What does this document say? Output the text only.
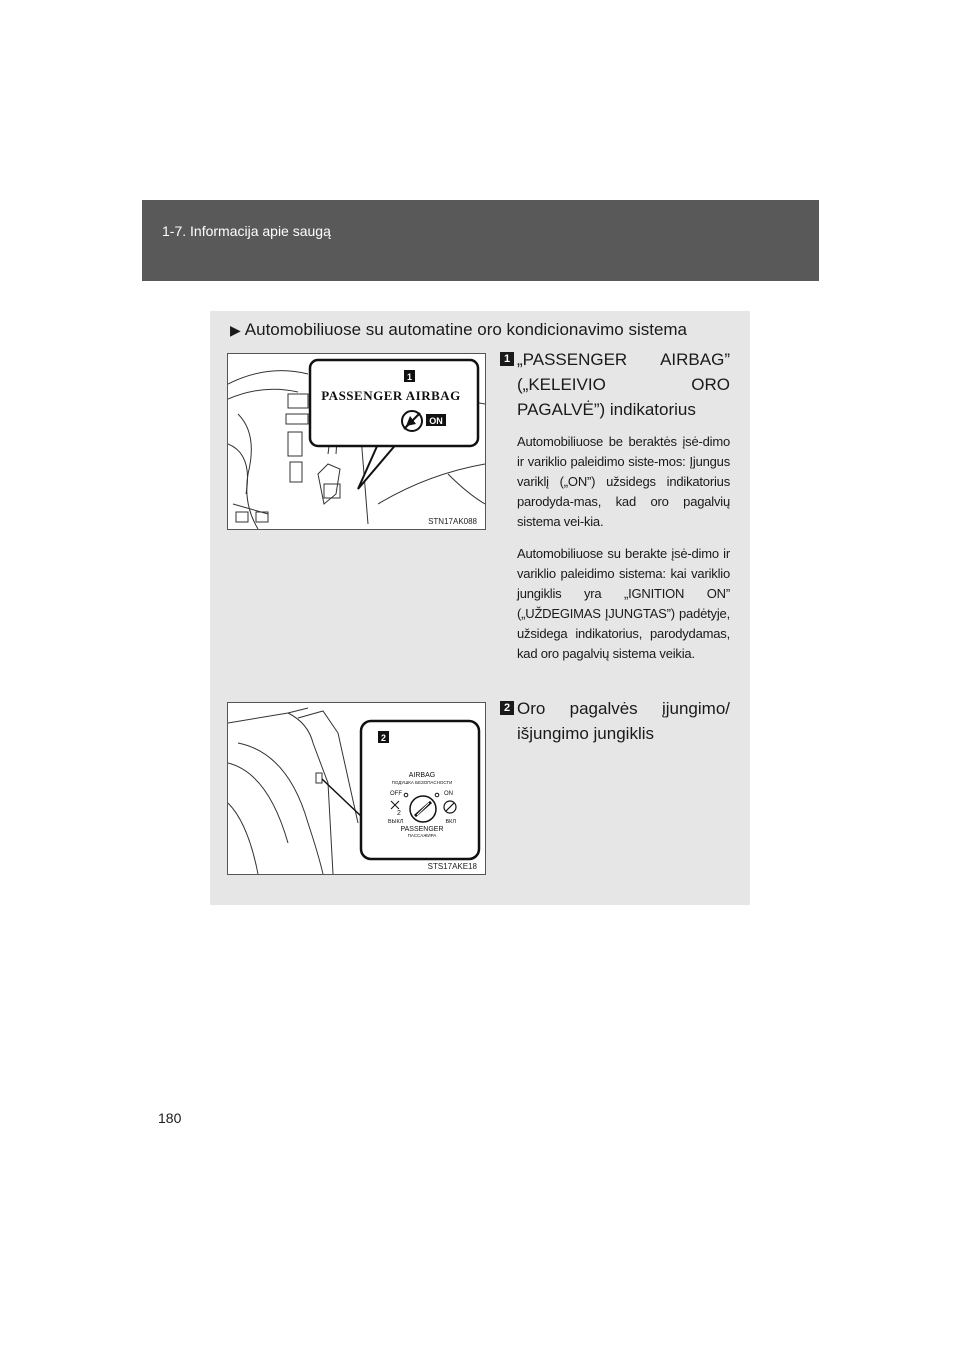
1-7. Informacija apie saugą
▶ Automobiliuose su automatine oro kondicionavimo sistema
1
PASSENGER AIRBAG
ON
STN17AK088
2
AIRBAG
ПОДУШКА БЕЗОПАСНОСТИ
OFF	ON
2
ВЫКЛ	ВКЛ
PASSENGER
ПАССАЖИРА
STS17AKE18
1 „PASSENGER AIRBAG” („KELEIVIO ORO PAGALVĖ”) indikatorius
Automobiliuose be beraktės įsė-dimo ir variklio paleidimo siste-mos: Įjungus variklį („ON”) užsidegs indikatorius parodyda-mas, kad oro pagalvių sistema vei-kia.
Automobiliuose su berakte įsė-dimo ir variklio paleidimo sistema: kai variklio jungiklis yra „IGNITION ON” („UŽDEGIMAS ĮJUNGTAS”) padėtyje, užsidega indikatorius, parodydamas, kad oro pagalvių sistema veikia.
2 Oro pagalvės įjungimo/ išjungimo jungiklis
180
